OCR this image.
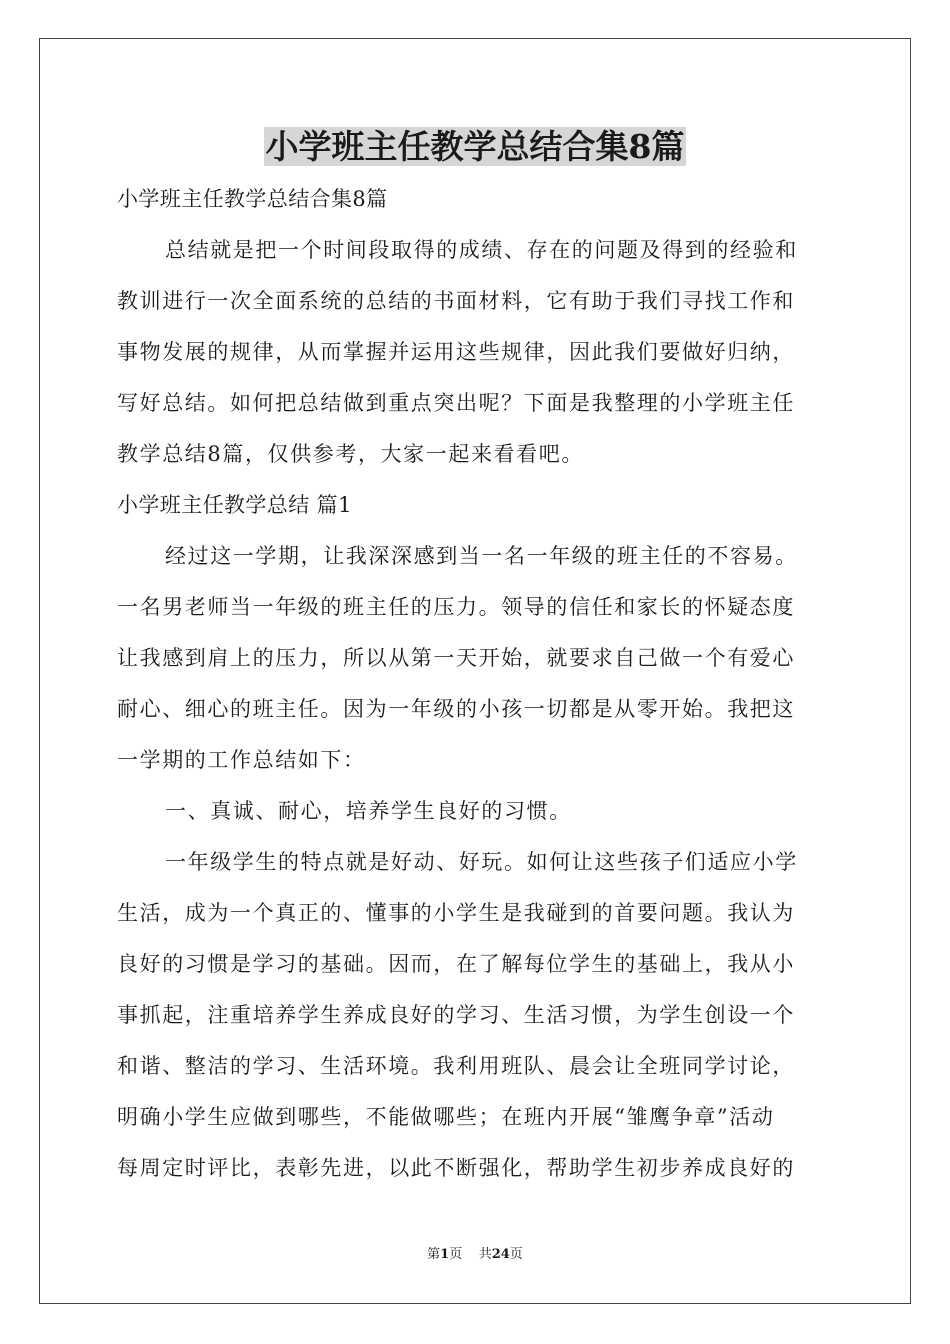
小学班主任教学总结合集8篇
小学班主任教学总结合集8篇
总结就是把一个时间段取得的成绩、存在的问题及得到的经验和
教训进行一次全面系统的总结的书面材料，它有助于我们寻找工作和
事物发展的规律，从而掌握并运用这些规律，因此我们要做好归纳，
写好总结。如何把总结做到重点突出呢？下面是我整理的小学班主任
教学总结8篇，仅供参考，大家一起来看看吧。
小学班主任教学总结 篇1
经过这一学期，让我深深感到当一名一年级的班主任的不容易。
一名男老师当一年级的班主任的压力。领导的信任和家长的怀疑态度
让我感到肩上的压力，所以从第一天开始，就要求自己做一个有爱心
耐心、细心的班主任。因为一年级的小孩一切都是从零开始。我把这
一学期的工作总结如下：
一、真诚、耐心，培养学生良好的习惯。
一年级学生的特点就是好动、好玩。如何让这些孩子们适应小学
生活，成为一个真正的、懂事的小学生是我碰到的首要问题。我认为
良好的习惯是学习的基础。因而，在了解每位学生的基础上，我从小
事抓起，注重培养学生养成良好的学习、生活习惯，为学生创设一个
和谐、整洁的学习、生活环境。我利用班队、晨会让全班同学讨论，
明确小学生应做到哪些，不能做哪些；在班内开展“雏鹰争章”活动
每周定时评比，表彰先进，以此不断强化，帮助学生初步养成良好的
第1页 共24页
